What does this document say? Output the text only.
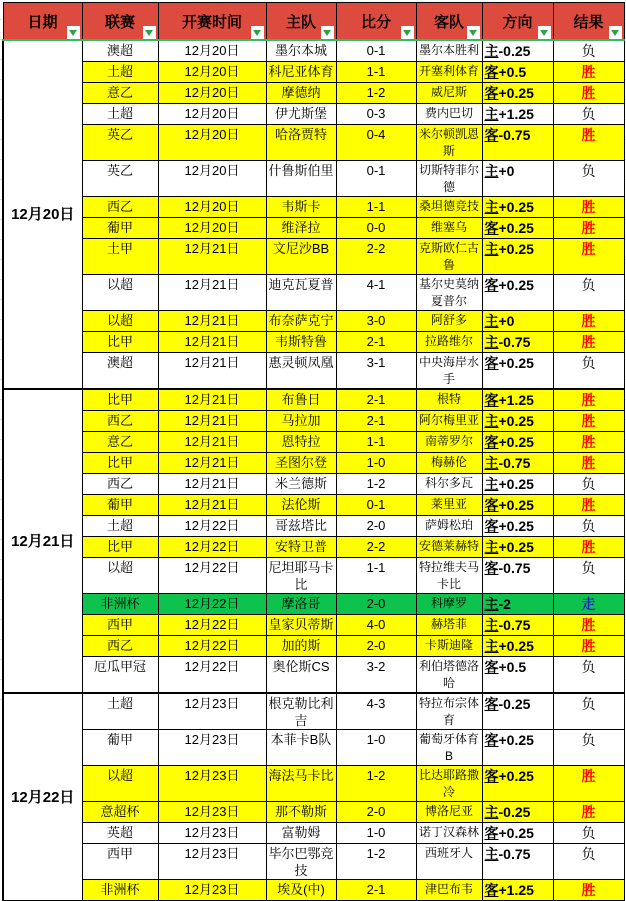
日期	联赛	开赛时间	主队	比分	客队	方向	结果

12月20日	澳超	12月20日	墨尔本城	0-1	墨尔本胜利	主-0.25	负
	土超	12月20日	科尼亚体育	1-1	开塞利体育	客+0.5	胜
	意乙	12月20日	摩德纳	1-2	威尼斯	客+0.25	胜
	土超	12月20日	伊尤斯堡	0-3	费内巴切	主+1.25	负
	英乙	12月20日	哈洛贾特	0-4	米尔顿凯恩斯	客-0.75	胜
	英乙	12月20日	什鲁斯伯里	0-1	切斯特菲尔德	主+0	负
	西乙	12月20日	韦斯卡	1-1	桑坦德竞技	主+0.25	胜
	葡甲	12月20日	维泽拉	0-0	维塞乌	客+0.25	胜
	土甲	12月21日	文尼沙BB	2-2	克斯欧仁古鲁	主+0.25	胜
	以超	12月21日	迪克瓦夏普	4-1	基尔史莫纳夏普尔	客+0.25	负
	以超	12月21日	布奈萨克宁	3-0	阿舒多	主+0	胜
	比甲	12月21日	韦斯特鲁	2-1	拉路维尔	主-0.75	胜
	澳超	12月21日	惠灵顿凤凰	3-1	中央海岸水手	客+0.25	负
12月21日	比甲	12月21日	布鲁日	2-1	根特	客+1.25	胜
	西乙	12月21日	马拉加	2-1	阿尔梅里亚	主+0.25	胜
	意乙	12月21日	恩特拉	1-1	南蒂罗尔	客+0.25	胜
	比甲	12月21日	圣图尔登	1-0	梅赫伦	主-0.75	胜
	西乙	12月21日	米兰德斯	1-2	科尔多瓦	主+0.25	负
	葡甲	12月21日	法伦斯	0-1	莱里亚	客+0.25	胜
	土超	12月22日	哥兹塔比	2-0	萨姆松珀	客+0.25	负
	比甲	12月22日	安特卫普	2-2	安德莱赫特	主+0.25	胜
	以超	12月22日	尼坦耶马卡比	1-1	特拉维夫马卡比	客-0.75	负
	非洲杯	12月22日	摩洛哥	2-0	科摩罗	主-2	走
	西甲	12月22日	皇家贝蒂斯	4-0	赫塔菲	主-0.75	胜
	西乙	12月22日	加的斯	2-0	卡斯迪隆	主+0.25	胜
	厄瓜甲冠	12月22日	奥伦斯CS	3-2	利伯塔德洛哈	客+0.5	负
12月22日	土超	12月23日	根克勒比利吉	4-3	特拉布宗体育	客-0.25	负
	葡甲	12月23日	本菲卡B队	1-0	葡萄牙体育B	客+0.25	负
	以超	12月23日	海法马卡比	1-2	比达耶路撒冷	客+0.25	胜
	意超杯	12月23日	那不勒斯	2-0	博洛尼亚	主-0.25	胜
	英超	12月23日	富勒姆	1-0	诺丁汉森林	客+0.25	负
	西甲	12月23日	毕尔巴鄂竞技	1-2	西班牙人	主-0.75	负
	非洲杯	12月23日	埃及(中)	2-1	津巴布韦	客+1.25	胜
